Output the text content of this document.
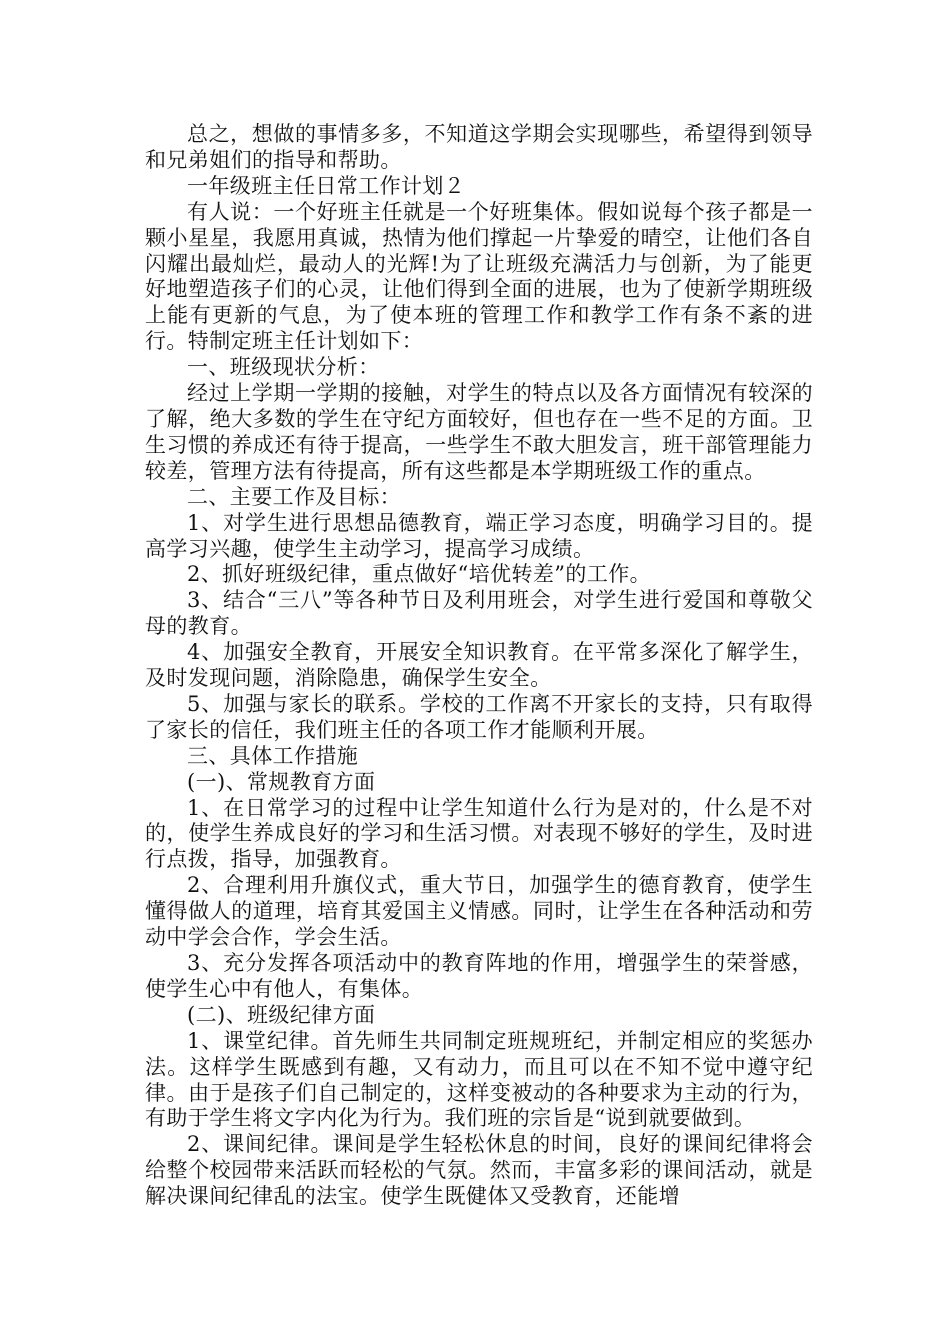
总之，想做的事情多多，不知道这学期会实现哪些，希望得到领导和兄弟姐们的指导和帮助。

一年级班主任日常工作计划２

有人说：一个好班主任就是一个好班集体。假如说每个孩子都是一颗小星星，我愿用真诚，热情为他们撑起一片挚爱的晴空，让他们各自闪耀出最灿烂，最动人的光辉!为了让班级充满活力与创新，为了能更好地塑造孩子们的心灵，让他们得到全面的进展，也为了使新学期班级上能有更新的气息，为了使本班的管理工作和教学工作有条不紊的进行。特制定班主任计划如下：

一、班级现状分析：

经过上学期一学期的接触，对学生的特点以及各方面情况有较深的了解，绝大多数的学生在守纪方面较好，但也存在一些不足的方面。卫生习惯的养成还有待于提高，一些学生不敢大胆发言，班干部管理能力较差，管理方法有待提高，所有这些都是本学期班级工作的重点。

二、主要工作及目标：

1、对学生进行思想品德教育，端正学习态度，明确学习目的。提高学习兴趣，使学生主动学习，提高学习成绩。

2、抓好班级纪律，重点做好“培优转差”的工作。

3、结合“三八”等各种节日及利用班会，对学生进行爱国和尊敬父母的教育。

4、加强安全教育，开展安全知识教育。在平常多深化了解学生，及时发现问题，消除隐患，确保学生安全。

5、加强与家长的联系。学校的工作离不开家长的支持，只有取得了家长的信任，我们班主任的各项工作才能顺利开展。

三、具体工作措施

(一)、常规教育方面

1、在日常学习的过程中让学生知道什么行为是对的，什么是不对的，使学生养成良好的学习和生活习惯。对表现不够好的学生，及时进行点拨，指导，加强教育。

2、合理利用升旗仪式，重大节日，加强学生的德育教育，使学生懂得做人的道理，培育其爱国主义情感。同时，让学生在各种活动和劳动中学会合作，学会生活。

3、充分发挥各项活动中的教育阵地的作用，增强学生的荣誉感，使学生心中有他人，有集体。

(二)、班级纪律方面

1、课堂纪律。首先师生共同制定班规班纪，并制定相应的奖惩办法。这样学生既感到有趣，又有动力，而且可以在不知不觉中遵守纪律。由于是孩子们自己制定的，这样变被动的各种要求为主动的行为，有助于学生将文字内化为行为。我们班的宗旨是“说到就要做到。

2、课间纪律。课间是学生轻松休息的时间，良好的课间纪律将会给整个校园带来活跃而轻松的气氛。然而，丰富多彩的课间活动，就是解决课间纪律乱的法宝。使学生既健体又受教育，还能增
